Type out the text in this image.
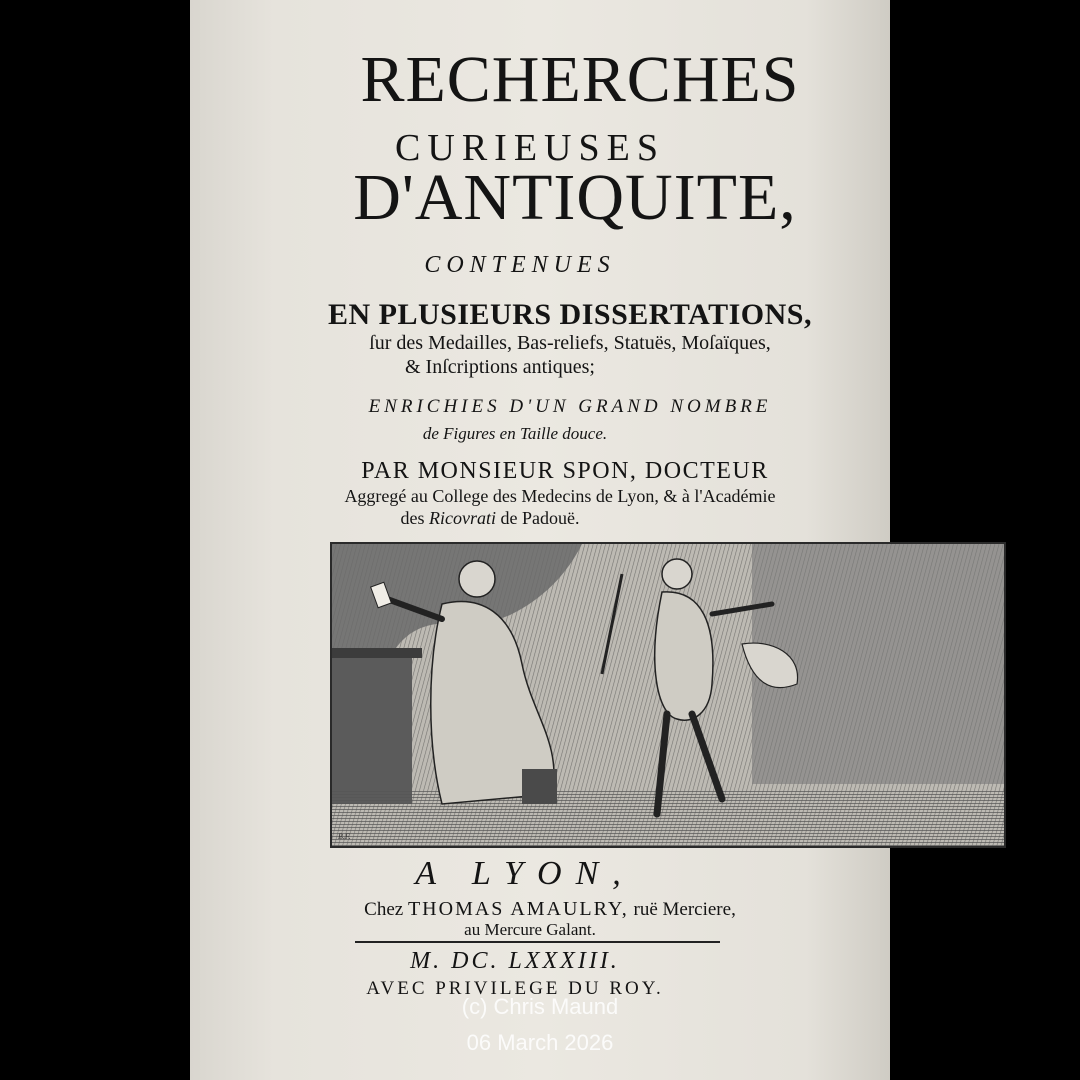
RECHERCHES
CURIEUSES
D'ANTIQUITE,
CONTENUES
EN PLUSIEURS DISSERTATIONS,
ſur des Medailles, Bas-reliefs, Statuës, Moſaïques,
& Inſcriptions antiques;
ENRICHIES D'UN GRAND NOMBRE
de Figures en Taille douce.
PAR MONSIEUR SPON, DOCTEUR
Aggregé au College des Medecins de Lyon, & à l'Académie
des Ricovrati de Padouë.
B.F.
A LYON,
Chez THOMAS AMAULRY, ruë Merciere,
au Mercure Galant.
M. DC. LXXXIII.
AVEC PRIVILEGE DU ROY.
(c) Chris Maund
06 March 2026
